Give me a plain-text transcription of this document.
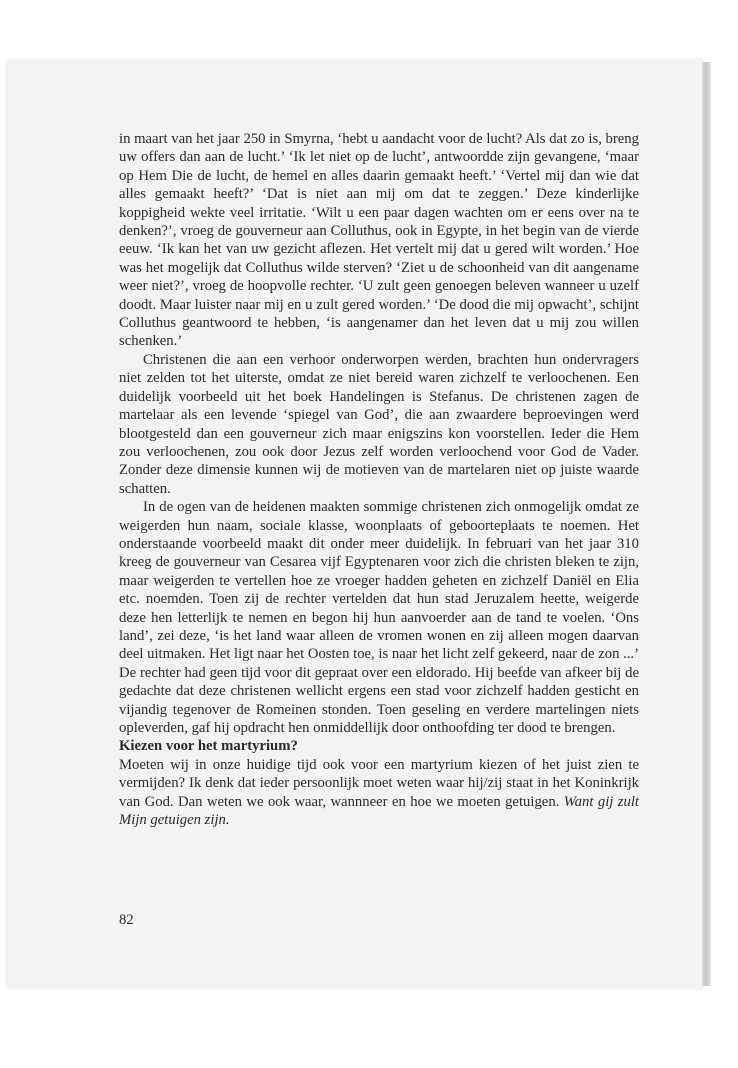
in maart van het jaar 250 in Smyrna, ‘hebt u aandacht voor de lucht? Als dat zo is, breng uw offers dan aan de lucht.’ ‘Ik let niet op de lucht’, antwoordde zijn gevangene, ‘maar op Hem Die de lucht, de hemel en alles daarin gemaakt heeft.’ ‘Vertel mij dan wie dat alles gemaakt heeft?’ ‘Dat is niet aan mij om dat te zeggen.’ Deze kinderlijke koppigheid wekte veel irritatie. ‘Wilt u een paar dagen wachten om er eens over na te denken?’, vroeg de gouverneur aan Colluthus, ook in Egypte, in het begin van de vierde eeuw. ‘Ik kan het van uw gezicht aflezen. Het vertelt mij dat u gered wilt worden.’ Hoe was het mogelijk dat Colluthus wilde sterven? ‘Ziet u de schoonheid van dit aangename weer niet?’, vroeg de hoopvolle rechter. ‘U zult geen genoegen beleven wanneer u uzelf doodt. Maar luister naar mij en u zult gered worden.’ ‘De dood die mij opwacht’, schijnt Colluthus geantwoord te hebben, ‘is aangenamer dan het leven dat u mij zou willen schenken.’

Christenen die aan een verhoor onderworpen werden, brachten hun ondervragers niet zelden tot het uiterste, omdat ze niet bereid waren zichzelf te verloochenen. Een duidelijk voorbeeld uit het boek Handelingen is Stefanus. De christenen zagen de martelaar als een levende ‘spiegel van God’, die aan zwaardere beproevingen werd blootgesteld dan een gouverneur zich maar enigszins kon voorstellen. Ieder die Hem zou verloochenen, zou ook door Jezus zelf worden verloochend voor God de Vader. Zonder deze dimensie kunnen wij de motieven van de martelaren niet op juiste waarde schatten.

In de ogen van de heidenen maakten sommige christenen zich onmogelijk omdat ze weigerden hun naam, sociale klasse, woonplaats of geboorteplaats te noemen. Het onderstaande voorbeeld maakt dit onder meer duidelijk. In februari van het jaar 310 kreeg de gouverneur van Cesarea vijf Egyptenaren voor zich die christen bleken te zijn, maar weigerden te vertellen hoe ze vroeger hadden geheten en zichzelf Daniël en Elia etc. noemden. Toen zij de rechter vertelden dat hun stad Jeruzalem heette, weigerde deze hen letterlijk te nemen en begon hij hun aanvoerder aan de tand te voelen. ‘Ons land’, zei deze, ‘is het land waar alleen de vromen wonen en zij alleen mogen daarvan deel uitmaken. Het ligt naar het Oosten toe, is naar het licht zelf gekeerd, naar de zon ...’ De rechter had geen tijd voor dit gepraat over een eldorado. Hij beefde van afkeer bij de gedachte dat deze christenen wellicht ergens een stad voor zichzelf hadden gesticht en vijandig tegenover de Romeinen stonden. Toen geseling en verdere martelingen niets opleverden, gaf hij opdracht hen onmiddellijk door onthoofding ter dood te brengen.

Kiezen voor het martyrium?

Moeten wij in onze huidige tijd ook voor een martyrium kiezen of het juist zien te vermijden? Ik denk dat ieder persoonlijk moet weten waar hij/zij staat in het Koninkrijk van God. Dan weten we ook waar, wannneer en hoe we moeten getuigen. Want gij zult Mijn getuigen zijn.

82
